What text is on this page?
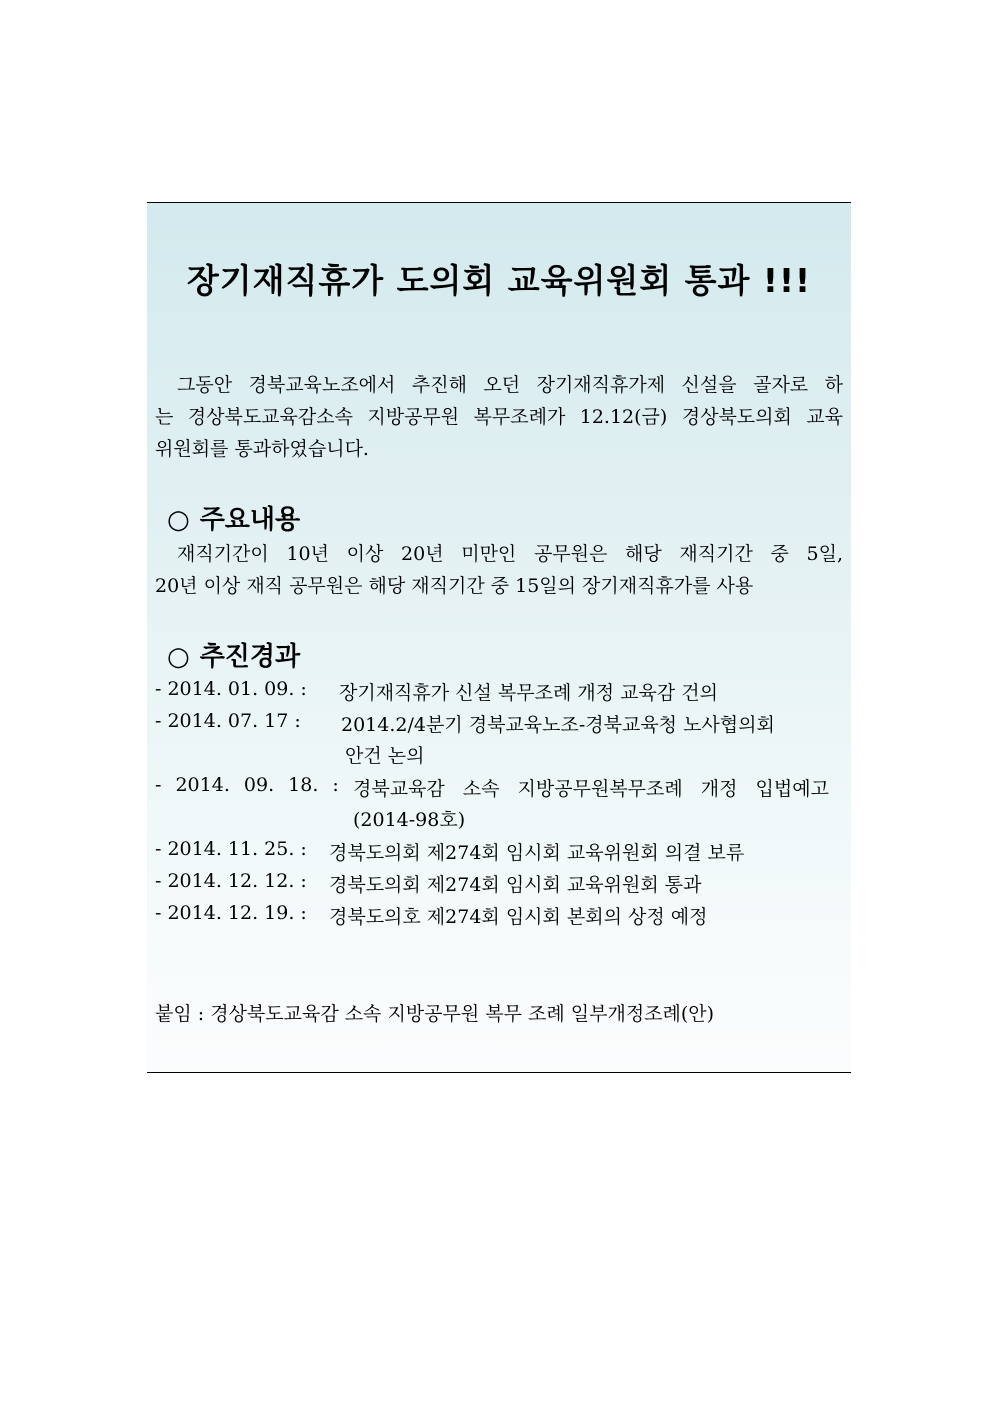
장기재직휴가 도의회 교육위원회 통과 !!!
그동안 경북교육노조에서 추진해 오던 장기재직휴가제 신설을 골자로 하
는 경상북도교육감소속 지방공무원 복무조례가 12.12(금) 경상북도의회 교육
위원회를 통과하였습니다.
○ 주요내용
재직기간이 10년 이상 20년 미만인 공무원은 해당 재직기간 중 5일,
20년 이상 재직 공무원은 해당 재직기간 중 15일의 장기재직휴가를 사용
○ 추진경과
- 2014. 01. 09. : 장기재직휴가 신설 복무조례 개정 교육감 건의
- 2014. 07. 17 : 2014.2/4분기 경북교육노조-경북교육청 노사협의회
안건 논의
- 2014. 09. 18. : 경북교육감 소속 지방공무원복무조례 개정 입법예고
(2014-98호)
- 2014. 11. 25. : 경북도의회 제274회 임시회 교육위원회 의결 보류
- 2014. 12. 12. : 경북도의회 제274회 임시회 교육위원회 통과
- 2014. 12. 19. : 경북도의호 제274회 임시회 본회의 상정 예정
붙임 : 경상북도교육감 소속 지방공무원 복무 조례 일부개정조례(안)
